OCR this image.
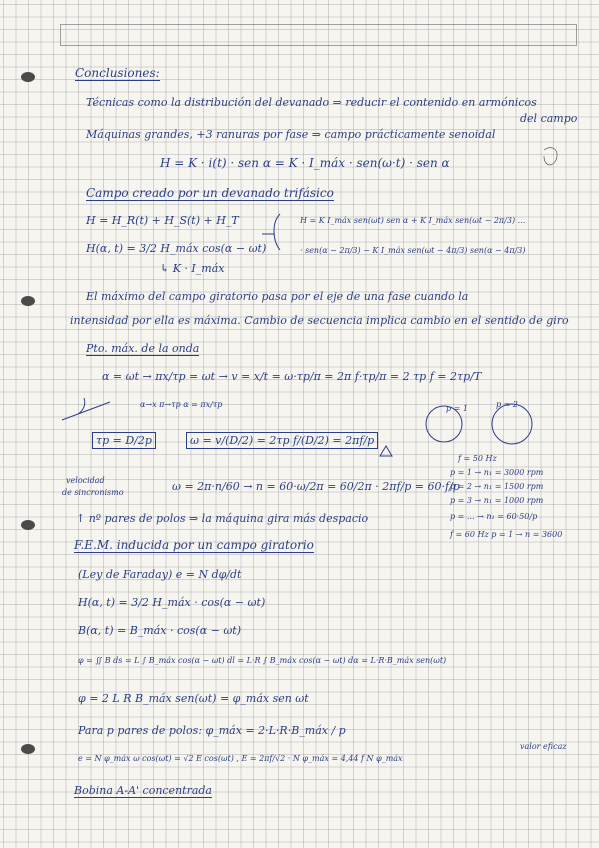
Conclusiones:
Técnicas como la distribución del devanado ⇒ reducir el contenido en armónicos
del campo
Máquinas grandes, +3 ranuras por fase ⇒ campo prácticamente senoidal
H = K · i(t) · sen α = K · I_máx · sen(ω·t) · sen α
Campo creado por un devanado trifásico
H = H_R(t) + H_S(t) + H_T	H = K I_máx sen(ωt) sen α + K I_máx sen(ωt − 2π/3) ...
H(α, t) = 3/2 H_máx cos(α − ωt)	· sen(α − 2π/3) − K I_máx sen(ωt − 4π/3) sen(α − 4π/3)
↳ K · I_máx
El máximo del campo giratorio pasa por el eje de una fase cuando la
intensidad por ella es máxima. Cambio de secuencia implica cambio en el sentido de giro
Pto. máx. de la onda
α = ωt → πx/τp = ωt → v = x/t = ω·τp/π = 2π f·τp/π = 2 τp f = 2τp/T
α→x π→τp α = πx/τp
τp = D/2p	ω = v/(D/2) = 2τp f/(D/2) = 2πf/p
velocidad
de sincronismo	ω = 2π·n/60 → n = 60·ω/2π = 60/2π · 2πf/p = 60·f/p
↑ nº pares de polos ⇒ la máquina gira más despacio
F.E.M. inducida por un campo giratorio
(Ley de Faraday) e = N dφ/dt
H(α, t) = 3/2 H_máx · cos(α − ωt)
B(α, t) = B_máx · cos(α − ωt)
φ = ∬ B ds = L ∫ B_máx cos(α − ωt) dl = L·R ∫ B_máx cos(α − ωt) dα = L·R·B_máx sen(ωt)
φ = 2 L R B_máx sen(ωt) = φ_máx sen ωt
Para p pares de polos: φ_máx = 2·L·R·B_máx / p
e = N φ_máx ω cos(ωt) = √2 E cos(ωt) , E = 2πf/√2 · N φ_máx = 4,44 f N φ_máx
valor eficaz
Bobina A-A' concentrada
p = 1	p = 2
f = 50 Hz
p = 1 → n₁ = 3000 rpm
p = 2 → n₁ = 1500 rpm
p = 3 → n₁ = 1000 rpm
p = ... → n₁ = 60·50/p
f = 60 Hz p = 1 → n = 3600
